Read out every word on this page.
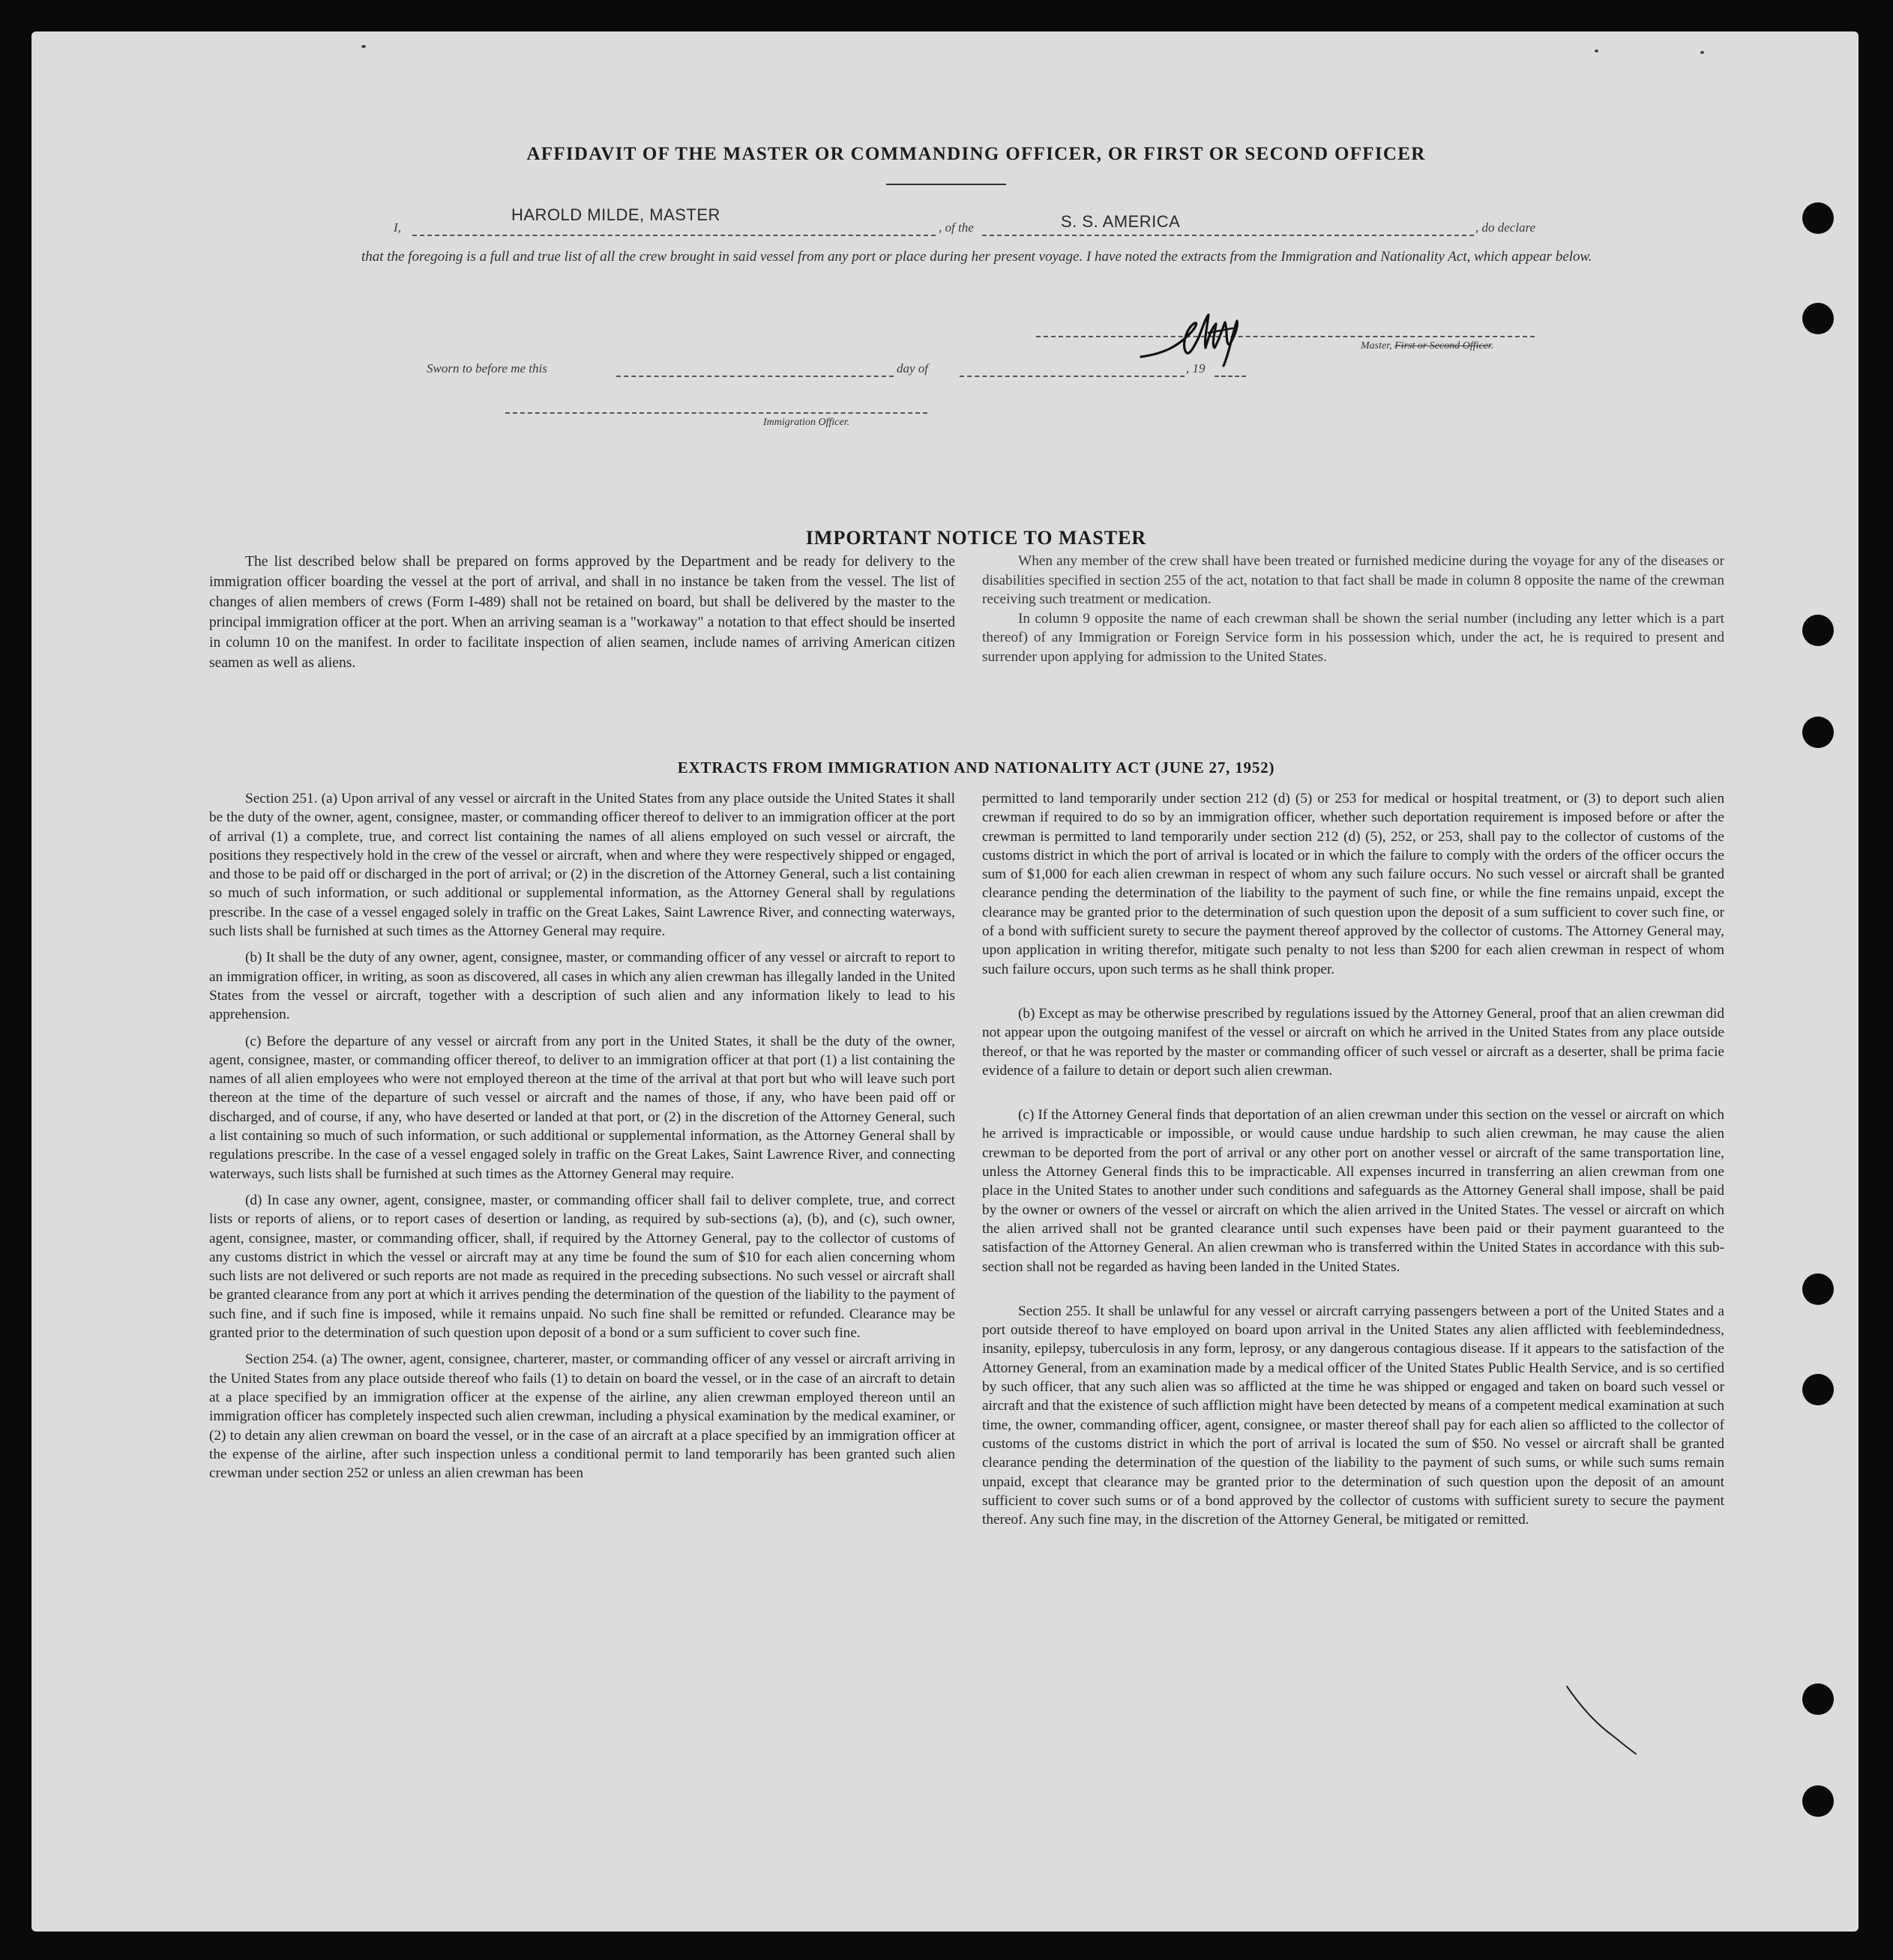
AFFIDAVIT OF THE MASTER OR COMMANDING OFFICER, OR FIRST OR SECOND OFFICER
I,
HAROLD MILDE, MASTER
, of the	S. S. AMERICA	, do declare
that the foregoing is a full and true list of all the crew brought in said vessel from any port or place during her present voyage. I have noted the extracts from the Immigration and Nationality Act, which appear below.
Master, First or Second Officer.
Sworn to before me this	day of	, 19
Immigration Officer.
IMPORTANT NOTICE TO MASTER

The list described below shall be prepared on forms approved by the Department and be ready for delivery to the immigration officer boarding the vessel at the port of arrival, and shall in no instance be taken from the vessel. The list of changes of alien members of crews (Form I-489) shall not be retained on board, but shall be delivered by the master to the principal immigration officer at the port. When an arriving seaman is a "workaway" a notation to that effect should be inserted in column 10 on the manifest. In order to facilitate inspection of alien seamen, include names of arriving American citizen seamen as well as aliens.

When any member of the crew shall have been treated or furnished medicine during the voyage for any of the diseases or disabilities specified in section 255 of the act, notation to that fact shall be made in column 8 opposite the name of the crewman receiving such treatment or medication.

In column 9 opposite the name of each crewman shall be shown the serial number (including any letter which is a part thereof) of any Immigration or Foreign Service form in his possession which, under the act, he is required to present and surrender upon applying for admission to the United States.

EXTRACTS FROM IMMIGRATION AND NATIONALITY ACT (JUNE 27, 1952)

Section 251. (a) Upon arrival of any vessel or aircraft in the United States from any place outside the United States it shall be the duty of the owner, agent, consignee, master, or commanding officer thereof to deliver to an immigration officer at the port of arrival (1) a complete, true, and correct list containing the names of all aliens employed on such vessel or aircraft, the positions they respectively hold in the crew of the vessel or aircraft, when and where they were respectively shipped or engaged, and those to be paid off or discharged in the port of arrival; or (2) in the discretion of the Attorney General, such a list containing so much of such information, or such additional or supplemental information, as the Attorney General shall by regulations prescribe. In the case of a vessel engaged solely in traffic on the Great Lakes, Saint Lawrence River, and connecting waterways, such lists shall be furnished at such times as the Attorney General may require.

(b) It shall be the duty of any owner, agent, consignee, master, or commanding officer of any vessel or aircraft to report to an immigration officer, in writing, as soon as discovered, all cases in which any alien crewman has illegally landed in the United States from the vessel or aircraft, together with a description of such alien and any information likely to lead to his apprehension.

(c) Before the departure of any vessel or aircraft from any port in the United States, it shall be the duty of the owner, agent, consignee, master, or commanding officer thereof, to deliver to an immigration officer at that port (1) a list containing the names of all alien employees who were not employed thereon at the time of the arrival at that port but who will leave such port thereon at the time of the departure of such vessel or aircraft and the names of those, if any, who have been paid off or discharged, and of course, if any, who have deserted or landed at that port, or (2) in the discretion of the Attorney General, such a list containing so much of such information, or such additional or supplemental information, as the Attorney General shall by regulations prescribe. In the case of a vessel engaged solely in traffic on the Great Lakes, Saint Lawrence River, and connecting waterways, such lists shall be furnished at such times as the Attorney General may require.

(d) In case any owner, agent, consignee, master, or commanding officer shall fail to deliver complete, true, and correct lists or reports of aliens, or to report cases of desertion or landing, as required by sub-sections (a), (b), and (c), such owner, agent, consignee, master, or commanding officer, shall, if required by the Attorney General, pay to the collector of customs of any customs district in which the vessel or aircraft may at any time be found the sum of $10 for each alien concerning whom such lists are not delivered or such reports are not made as required in the preceding subsections. No such vessel or aircraft shall be granted clearance from any port at which it arrives pending the determination of the question of the liability to the payment of such fine, and if such fine is imposed, while it remains unpaid. No such fine shall be remitted or refunded. Clearance may be granted prior to the determination of such question upon deposit of a bond or a sum sufficient to cover such fine.

Section 254. (a) The owner, agent, consignee, charterer, master, or commanding officer of any vessel or aircraft arriving in the United States from any place outside thereof who fails (1) to detain on board the vessel, or in the case of an aircraft to detain at a place specified by an immigration officer at the expense of the airline, any alien crewman employed thereon until an immigration officer has completely inspected such alien crewman, including a physical examination by the medical examiner, or (2) to detain any alien crewman on board the vessel, or in the case of an aircraft at a place specified by an immigration officer at the expense of the airline, after such inspection unless a conditional permit to land temporarily has been granted such alien crewman under section 252 or unless an alien crewman has been

permitted to land temporarily under section 212 (d) (5) or 253 for medical or hospital treatment, or (3) to deport such alien crewman if required to do so by an immigration officer, whether such deportation requirement is imposed before or after the crewman is permitted to land temporarily under section 212 (d) (5), 252, or 253, shall pay to the collector of customs of the customs district in which the port of arrival is located or in which the failure to comply with the orders of the officer occurs the sum of $1,000 for each alien crewman in respect of whom any such failure occurs. No such vessel or aircraft shall be granted clearance pending the determination of the liability to the payment of such fine, or while the fine remains unpaid, except the clearance may be granted prior to the determination of such question upon the deposit of a sum sufficient to cover such fine, or of a bond with sufficient surety to secure the payment thereof approved by the collector of customs. The Attorney General may, upon application in writing therefor, mitigate such penalty to not less than $200 for each alien crewman in respect of whom such failure occurs, upon such terms as he shall think proper.

(b) Except as may be otherwise prescribed by regulations issued by the Attorney General, proof that an alien crewman did not appear upon the outgoing manifest of the vessel or aircraft on which he arrived in the United States from any place outside thereof, or that he was reported by the master or commanding officer of such vessel or aircraft as a deserter, shall be prima facie evidence of a failure to detain or deport such alien crewman.

(c) If the Attorney General finds that deportation of an alien crewman under this section on the vessel or aircraft on which he arrived is impracticable or impossible, or would cause undue hardship to such alien crewman, he may cause the alien crewman to be deported from the port of arrival or any other port on another vessel or aircraft of the same transportation line, unless the Attorney General finds this to be impracticable. All expenses incurred in transferring an alien crewman from one place in the United States to another under such conditions and safeguards as the Attorney General shall impose, shall be paid by the owner or owners of the vessel or aircraft on which the alien arrived in the United States. The vessel or aircraft on which the alien arrived shall not be granted clearance until such expenses have been paid or their payment guaranteed to the satisfaction of the Attorney General. An alien crewman who is transferred within the United States in accordance with this sub-section shall not be regarded as having been landed in the United States.

Section 255. It shall be unlawful for any vessel or aircraft carrying passengers between a port of the United States and a port outside thereof to have employed on board upon arrival in the United States any alien afflicted with feeblemindedness, insanity, epilepsy, tuberculosis in any form, leprosy, or any dangerous contagious disease. If it appears to the satisfaction of the Attorney General, from an examination made by a medical officer of the United States Public Health Service, and is so certified by such officer, that any such alien was so afflicted at the time he was shipped or engaged and taken on board such vessel or aircraft and that the existence of such affliction might have been detected by means of a competent medical examination at such time, the owner, commanding officer, agent, consignee, or master thereof shall pay for each alien so afflicted to the collector of customs of the customs district in which the port of arrival is located the sum of $50. No vessel or aircraft shall be granted clearance pending the determination of the question of the liability to the payment of such sums, or while such sums remain unpaid, except that clearance may be granted prior to the determination of such question upon the deposit of an amount sufficient to cover such sums or of a bond approved by the collector of customs with sufficient surety to secure the payment thereof. Any such fine may, in the discretion of the Attorney General, be mitigated or remitted.
